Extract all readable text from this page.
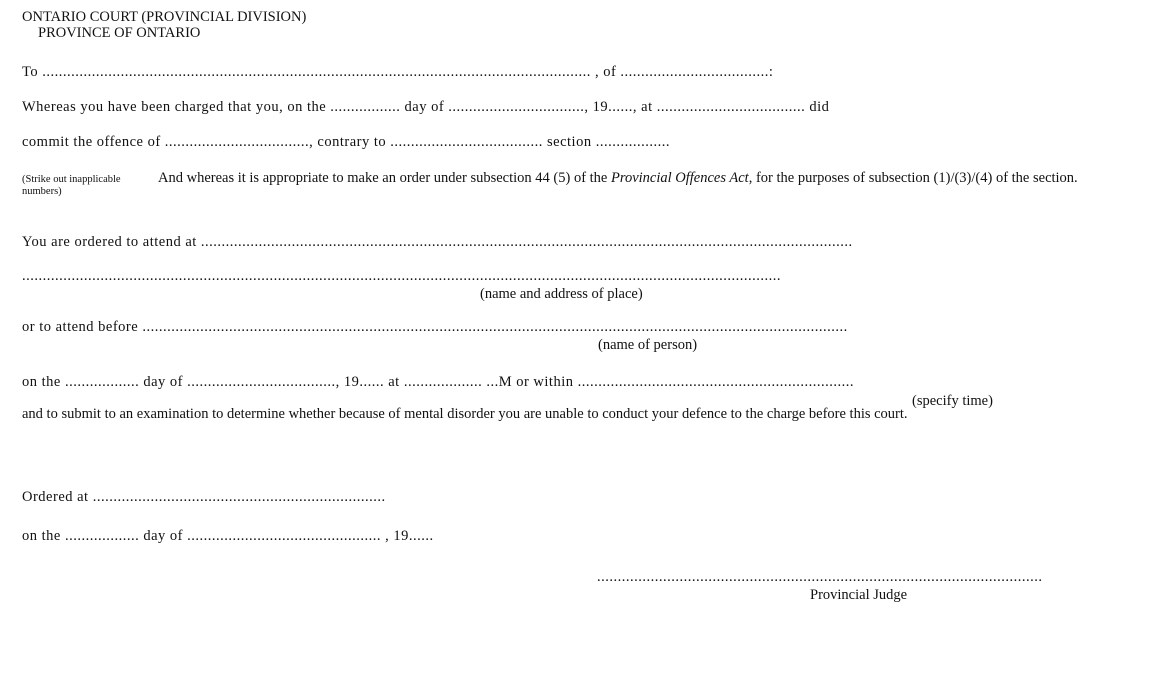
ONTARIO COURT (PROVINCIAL DIVISION)
PROVINCE OF ONTARIO
To ..................................................................................................................................... , of ....................................:
Whereas you have been charged that you, on the ................. day of ................................., 19......, at .................................... did
commit the offence of ..................................., contrary to ..................................... section ..................
(Strike out inapplicable numbers)
And whereas it is appropriate to make an order under subsection 44 (5) of the Provincial Offences Act, for the purposes of subsection (1)/(3)/(4) of the section.
You are ordered to attend at ..............................................................................................................................................................
........................................................................................................................................................................................
(name and address of place)
or to attend before ...........................................................................................................................................................................
(name of person)
on the .................. day of ...................................., 19...... at ................... ...M or within ...................................................................
(specify time)
and to submit to an examination to determine whether because of mental disorder you are unable to conduct your defence to the charge before this court.
Ordered at .......................................................................
on the .................. day of ............................................... , 19......
............................................................................................................
Provincial Judge
